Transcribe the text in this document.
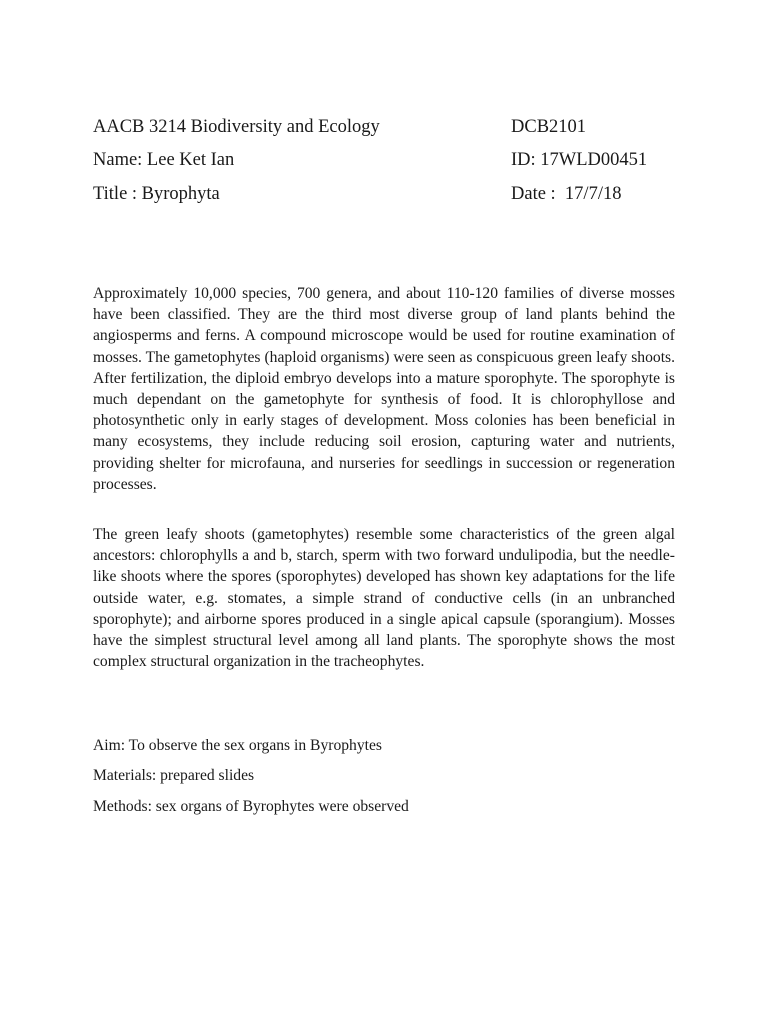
AACB 3214 Biodiversity and Ecology	DCB2101
Name: Lee Ket Ian	ID: 17WLD00451
Title : Byrophyta	Date :  17/7/18

Approximately 10,000 species, 700 genera, and about 110-120 families of diverse mosses have been classified. They are the third most diverse group of land plants behind the angiosperms and ferns. A compound microscope would be used for routine examination of mosses. The gametophytes (haploid organisms) were seen as conspicuous green leafy shoots. After fertilization, the diploid embryo develops into a mature sporophyte. The sporophyte is much dependant on the gametophyte for synthesis of food. It is chlorophyllose and photosynthetic only in early stages of development. Moss colonies has been beneficial in many ecosystems, they include reducing soil erosion, capturing water and nutrients, providing shelter for microfauna, and nurseries for seedlings in succession or regeneration processes.

The green leafy shoots (gametophytes) resemble some characteristics of the green algal ancestors: chlorophylls a and b, starch, sperm with two forward undulipodia, but the needle-like shoots where the spores (sporophytes) developed has shown key adaptations for the life outside water, e.g. stomates, a simple strand of conductive cells (in an unbranched sporophyte); and airborne spores produced in a single apical capsule (sporangium). Mosses have the simplest structural level among all land plants. The sporophyte shows the most complex structural organization in the tracheophytes.

Aim: To observe the sex organs in Byrophytes
Materials: prepared slides
Methods: sex organs of Byrophytes were observed
